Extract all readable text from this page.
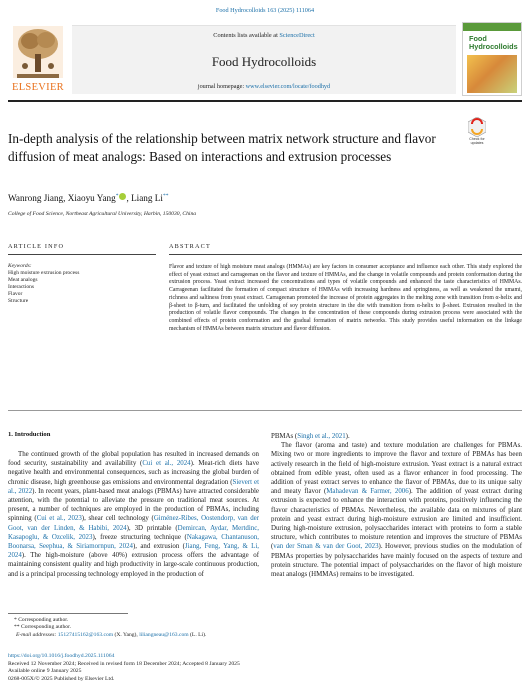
Food Hydrocolloids 163 (2025) 111064
ELSEVIER
Contents lists available at ScienceDirect
Food Hydrocolloids
journal homepage: www.elsevier.com/locate/foodhyd
Food
Hydrocolloids
In-depth analysis of the relationship between matrix network structure and flavor diffusion of meat analogs: Based on interactions and extrusion processes
Check for
updates
Wanrong Jiang, Xiaoyu Yang* , Liang Li**
College of Food Science, Northeast Agricultural University, Harbin, 150030, China
ARTICLE INFO
Keywords:
High moisture extrusion process
Meat analogs
Interactions
Flavor
Structure
ABSTRACT
Flavor and texture of high moisture meat analogs (HMMAs) are key factors in consumer acceptance and influence each other. This study explored the effect of yeast extract and carrageenan on the flavor and texture of HMMAs, and the change in volatile compounds and protein conformation during the extrusion process. Yeast extract increased the concentrations and types of volatile compounds and enhanced the taste characteristics of HMMAs. Carrageenan facilitated the formation of compact structure of HMMAs with increasing hardness and springiness, as well as weakened the umami, richness and saltiness from yeast extract. Carrageenan promoted the increase of protein aggregates in the melting zone with transition from α-helix and β-sheet to β-turn, and facilitated the unfolding of soy protein structure in the die with transition from α-helix to β-sheet. Extrusion resulted in the production of volatile flavor compounds. The changes in the concentration of these compounds during extrusion process were associated with the combined effects of protein conformation and the gradual formation of matrix networks. This study provides useful information on the linkage mechanism of HMMAs between matrix structure and flavor diffusion.
1. Introduction

The continued growth of the global population has resulted in increased demands on food security, sustainability and availability (Cui et al., 2024). Meat-rich diets have negative health and environmental consequences, such as increasing the global burden of chronic disease, high greenhouse gas emissions and environmental degradation (Sievert et al., 2022). In recent years, plant-based meat analogs (PBMAs) have attracted considerable attention, with the potential to alleviate the pressure on traditional meat sources. At present, a number of techniques are employed in the production of PBMAs, including spinning (Cui et al., 2023), shear cell technology (Giménez-Ribes, Oostendorp, van der Goot, van der Linden, & Habibi, 2024), 3D printable (Demircan, Aydar, Mertdinc, Kasapoglu, & Ozcelik, 2023), freeze structuring technique (Nakagawa, Chantanuson, Boonarsa, Seephua, & Siriamornpun, 2024), and extrusion (Jiang, Feng, Yang, & Li, 2024). The high-moisture (above 40%) extrusion process offers the advantage of maintaining consistent quality and high productivity in large-scale continuous production, and is a principal processing technology employed in the production of

PBMAs (Singh et al., 2021).

The flavor (aroma and taste) and texture modulation are challenges for PBMAs. Mixing two or more ingredients to improve the flavor and texture of PBMAs has been actively research in the field of high-moisture extrusion. Yeast extract is a natural extract obtained from edible yeast, often used as a flavor enhancer in food processing. The addition of yeast extract serves to enhance the flavor of PBMAs, due to its unique salty and meaty flavor (Mahadevan & Farmer, 2006). The addition of yeast extract during extrusion is expected to enhance the interaction with proteins, positively influencing the flavor characteristics of PBMAs. Nevertheless, the available data on mixtures of plant protein and yeast extract during high-moisture extrusion are limited and insufficient. During high-moisture extrusion, polysaccharides interact with proteins to form a stable structure, which contributes to moisture retention and improves the structure of PBMAs (van der Sman & van der Goot, 2023). However, previous studies on the modulation of PBMAs properties by polysaccharides have mainly focused on the aspects of texture and protein structure. The potential impact of polysaccharides on the flavor of high moisture meat analogs (HMMAs) remains to be investigated.

* Corresponding author.
** Corresponding author.
E-mail addresses: 15127415162@163.com (X. Yang), liliangneau@163.com (L. Li).
https://doi.org/10.1016/j.foodhyd.2025.111064
Received 12 November 2024; Received in revised form 18 December 2024; Accepted 8 January 2025
Available online 9 January 2025
0268-005X/© 2025 Published by Elsevier Ltd.
